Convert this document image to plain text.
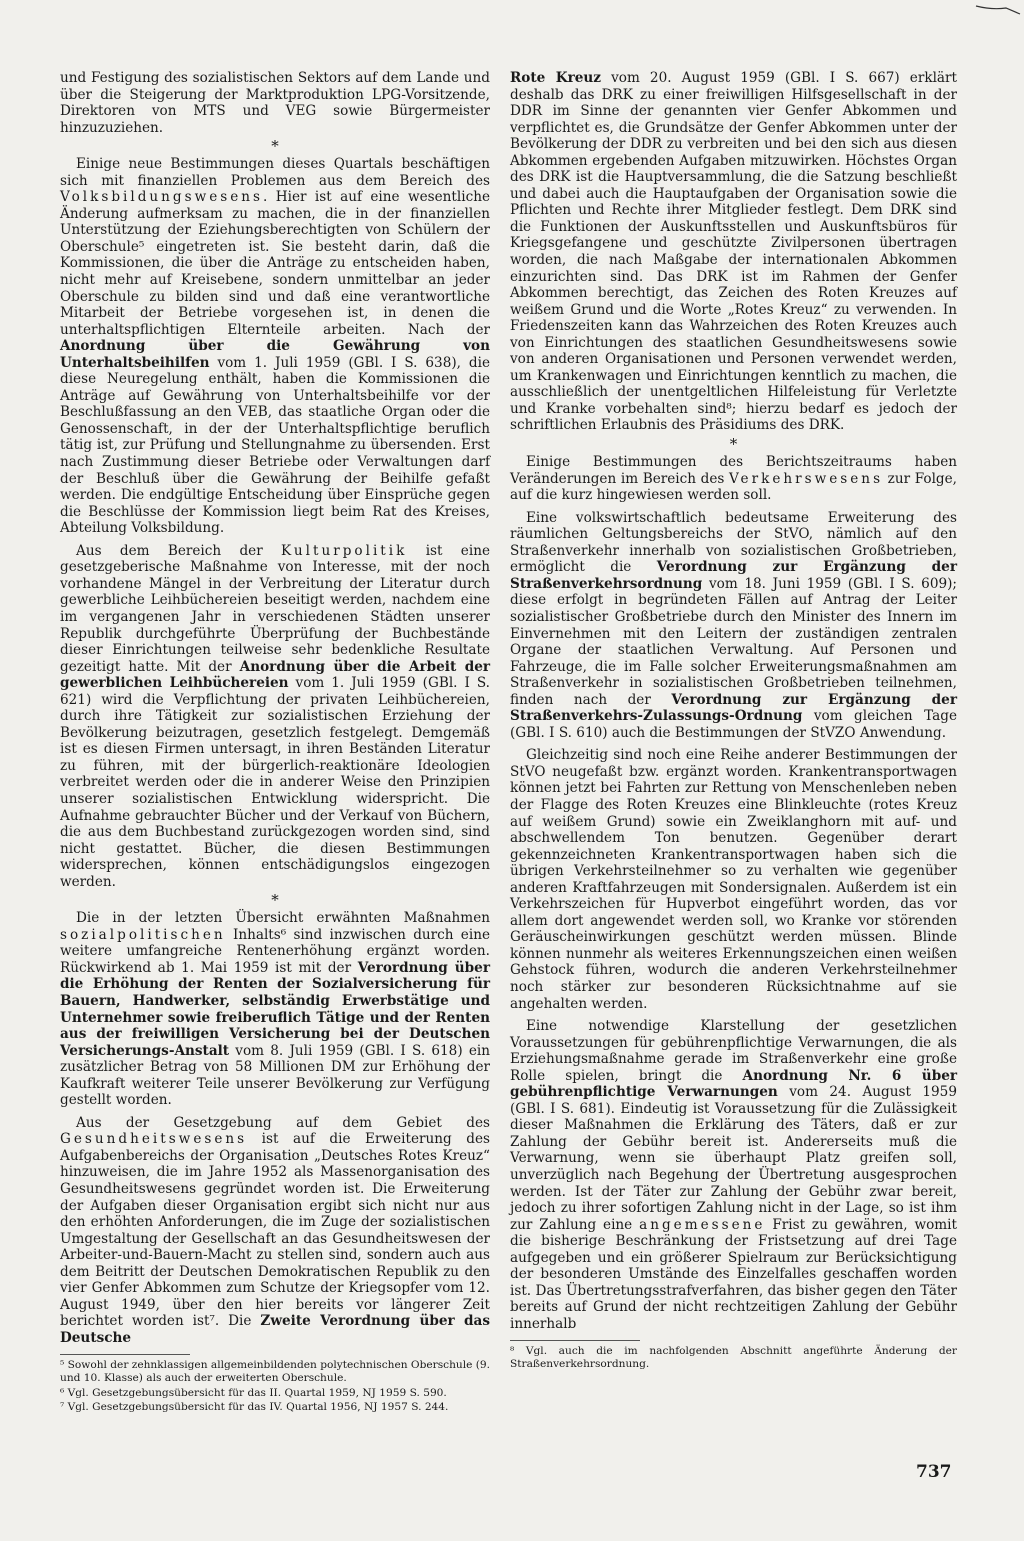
und Festigung des sozialistischen Sektors auf dem Lande und über die Steigerung der Marktproduktion LPG-Vorsitzende, Direktoren von MTS und VEG sowie Bürgermeister hinzuzuziehen.

*

Einige neue Bestimmungen dieses Quartals beschäftigen sich mit finanziellen Problemen aus dem Bereich des Volksbildungswesens. Hier ist auf eine wesentliche Änderung aufmerksam zu machen, die in der finanziellen Unterstützung der Eziehungsberechtigten von Schülern der Oberschule⁵ eingetreten ist. Sie besteht darin, daß die Kommissionen, die über die Anträge zu entscheiden haben, nicht mehr auf Kreisebene, sondern unmittelbar an jeder Oberschule zu bilden sind und daß eine verantwortliche Mitarbeit der Betriebe vorgesehen ist, in denen die unterhaltspflichtigen Elternteile arbeiten. Nach der Anordnung über die Gewährung von Unterhaltsbeihilfen vom 1. Juli 1959 (GBl. I S. 638), die diese Neuregelung enthält, haben die Kommissionen die Anträge auf Gewährung von Unterhaltsbeihilfe vor der Beschlußfassung an den VEB, das staatliche Organ oder die Genossenschaft, in der der Unterhaltspflichtige beruflich tätig ist, zur Prüfung und Stellungnahme zu übersenden. Erst nach Zustimmung dieser Betriebe oder Verwaltungen darf der Beschluß über die Gewährung der Beihilfe gefaßt werden. Die endgültige Entscheidung über Einsprüche gegen die Beschlüsse der Kommission liegt beim Rat des Kreises, Abteilung Volksbildung.

Aus dem Bereich der Kulturpolitik ist eine gesetzgeberische Maßnahme von Interesse, mit der noch vorhandene Mängel in der Verbreitung der Literatur durch gewerbliche Leihbüchereien beseitigt werden, nachdem eine im vergangenen Jahr in verschiedenen Städten unserer Republik durchgeführte Überprüfung der Buchbestände dieser Einrichtungen teilweise sehr bedenkliche Resultate gezeitigt hatte. Mit der Anordnung über die Arbeit der gewerblichen Leihbüchereien vom 1. Juli 1959 (GBl. I S. 621) wird die Verpflichtung der privaten Leihbüchereien, durch ihre Tätigkeit zur sozialistischen Erziehung der Bevölkerung beizutragen, gesetzlich festgelegt. Demgemäß ist es diesen Firmen untersagt, in ihren Beständen Literatur zu führen, mit der bürgerlich-reaktionäre Ideologien verbreitet werden oder die in anderer Weise den Prinzipien unserer sozialistischen Entwicklung widerspricht. Die Aufnahme gebrauchter Bücher und der Verkauf von Büchern, die aus dem Buchbestand zurückgezogen worden sind, sind nicht gestattet. Bücher, die diesen Bestimmungen widersprechen, können entschädigungslos eingezogen werden.

*

Die in der letzten Übersicht erwähnten Maßnahmen sozialpolitischen Inhalts⁶ sind inzwischen durch eine weitere umfangreiche Rentenerhöhung ergänzt worden. Rückwirkend ab 1. Mai 1959 ist mit der Verordnung über die Erhöhung der Renten der Sozialversicherung für Bauern, Handwerker, selbständig Erwerbstätige und Unternehmer sowie freiberuflich Tätige und der Renten aus der freiwilligen Versicherung bei der Deutschen Versicherungs-Anstalt vom 8. Juli 1959 (GBl. I S. 618) ein zusätzlicher Betrag von 58 Millionen DM zur Erhöhung der Kaufkraft weiterer Teile unserer Bevölkerung zur Verfügung gestellt worden.

Aus der Gesetzgebung auf dem Gebiet des Gesundheitswesens ist auf die Erweiterung des Aufgabenbereichs der Organisation „Deutsches Rotes Kreuz“ hinzuweisen, die im Jahre 1952 als Massenorganisation des Gesundheitswesens gegründet worden ist. Die Erweiterung der Aufgaben dieser Organisation ergibt sich nicht nur aus den erhöhten Anforderungen, die im Zuge der sozialistischen Umgestaltung der Gesellschaft an das Gesundheitswesen der Arbeiter-und-Bauern-Macht zu stellen sind, sondern auch aus dem Beitritt der Deutschen Demokratischen Republik zu den vier Genfer Abkommen zum Schutze der Kriegsopfer vom 12. August 1949, über den hier bereits vor längerer Zeit berichtet worden ist⁷. Die Zweite Verordnung über das Deutsche

⁵ Sowohl der zehnklassigen allgemeinbildenden polytechnischen Oberschule (9. und 10. Klasse) als auch der erweiterten Oberschule.

⁶ Vgl. Gesetzgebungsübersicht für das II. Quartal 1959, NJ 1959 S. 590.

⁷ Vgl. Gesetzgebungsübersicht für das IV. Quartal 1956, NJ 1957 S. 244.

Rote Kreuz vom 20. August 1959 (GBl. I S. 667) erklärt deshalb das DRK zu einer freiwilligen Hilfsgesellschaft in der DDR im Sinne der genannten vier Genfer Abkommen und verpflichtet es, die Grundsätze der Genfer Abkommen unter der Bevölkerung der DDR zu verbreiten und bei den sich aus diesen Abkommen ergebenden Aufgaben mitzuwirken. Höchstes Organ des DRK ist die Hauptversammlung, die die Satzung beschließt und dabei auch die Hauptaufgaben der Organisation sowie die Pflichten und Rechte ihrer Mitglieder festlegt. Dem DRK sind die Funktionen der Auskunftsstellen und Auskunftsbüros für Kriegsgefangene und geschützte Zivilpersonen übertragen worden, die nach Maßgabe der internationalen Abkommen einzurichten sind. Das DRK ist im Rahmen der Genfer Abkommen berechtigt, das Zeichen des Roten Kreuzes auf weißem Grund und die Worte „Rotes Kreuz“ zu verwenden. In Friedenszeiten kann das Wahrzeichen des Roten Kreuzes auch von Einrichtungen des staatlichen Gesundheitswesens sowie von anderen Organisationen und Personen verwendet werden, um Krankenwagen und Einrichtungen kenntlich zu machen, die ausschließlich der unentgeltlichen Hilfeleistung für Verletzte und Kranke vorbehalten sind⁸; hierzu bedarf es jedoch der schriftlichen Erlaubnis des Präsidiums des DRK.

*

Einige Bestimmungen des Berichtszeitraums haben Veränderungen im Bereich des Verkehrswesens zur Folge, auf die kurz hingewiesen werden soll.

Eine volkswirtschaftlich bedeutsame Erweiterung des räumlichen Geltungsbereichs der StVO, nämlich auf den Straßenverkehr innerhalb von sozialistischen Großbetrieben, ermöglicht die Verordnung zur Ergänzung der Straßenverkehrsordnung vom 18. Juni 1959 (GBl. I S. 609); diese erfolgt in begründeten Fällen auf Antrag der Leiter sozialistischer Großbetriebe durch den Minister des Innern im Einvernehmen mit den Leitern der zuständigen zentralen Organe der staatlichen Verwaltung. Auf Personen und Fahrzeuge, die im Falle solcher Erweiterungsmaßnahmen am Straßenverkehr in sozialistischen Großbetrieben teilnehmen, finden nach der Verordnung zur Ergänzung der Straßenverkehrs-Zulassungs-Ordnung vom gleichen Tage (GBl. I S. 610) auch die Bestimmungen der StVZO Anwendung.

Gleichzeitig sind noch eine Reihe anderer Bestimmungen der StVO neugefaßt bzw. ergänzt worden. Krankentransportwagen können jetzt bei Fahrten zur Rettung von Menschenleben neben der Flagge des Roten Kreuzes eine Blinkleuchte (rotes Kreuz auf weißem Grund) sowie ein Zweiklanghorn mit auf- und abschwellendem Ton benutzen. Gegenüber derart gekennzeichneten Krankentransportwagen haben sich die übrigen Verkehrsteilnehmer so zu verhalten wie gegenüber anderen Kraftfahrzeugen mit Sondersignalen. Außerdem ist ein Verkehrszeichen für Hupverbot eingeführt worden, das vor allem dort angewendet werden soll, wo Kranke vor störenden Geräuscheinwirkungen geschützt werden müssen. Blinde können nunmehr als weiteres Erkennungszeichen einen weißen Gehstock führen, wodurch die anderen Verkehrsteilnehmer noch stärker zur besonderen Rücksichtnahme auf sie angehalten werden.

Eine notwendige Klarstellung der gesetzlichen Voraussetzungen für gebührenpflichtige Verwarnungen, die als Erziehungsmaßnahme gerade im Straßenverkehr eine große Rolle spielen, bringt die Anordnung Nr. 6 über gebührenpflichtige Verwarnungen vom 24. August 1959 (GBl. I S. 681). Eindeutig ist Voraussetzung für die Zulässigkeit dieser Maßnahmen die Erklärung des Täters, daß er zur Zahlung der Gebühr bereit ist. Andererseits muß die Verwarnung, wenn sie überhaupt Platz greifen soll, unverzüglich nach Begehung der Übertretung ausgesprochen werden. Ist der Täter zur Zahlung der Gebühr zwar bereit, jedoch zu ihrer sofortigen Zahlung nicht in der Lage, so ist ihm zur Zahlung eine angemessene Frist zu gewähren, womit die bisherige Beschränkung der Fristsetzung auf drei Tage aufgegeben und ein größerer Spielraum zur Berücksichtigung der besonderen Umstände des Einzelfalles geschaffen worden ist. Das Übertretungsstrafverfahren, das bisher gegen den Täter bereits auf Grund der nicht rechtzeitigen Zahlung der Gebühr innerhalb

⁸ Vgl. auch die im nachfolgenden Abschnitt angeführte Änderung der Straßenverkehrsordnung.

737
